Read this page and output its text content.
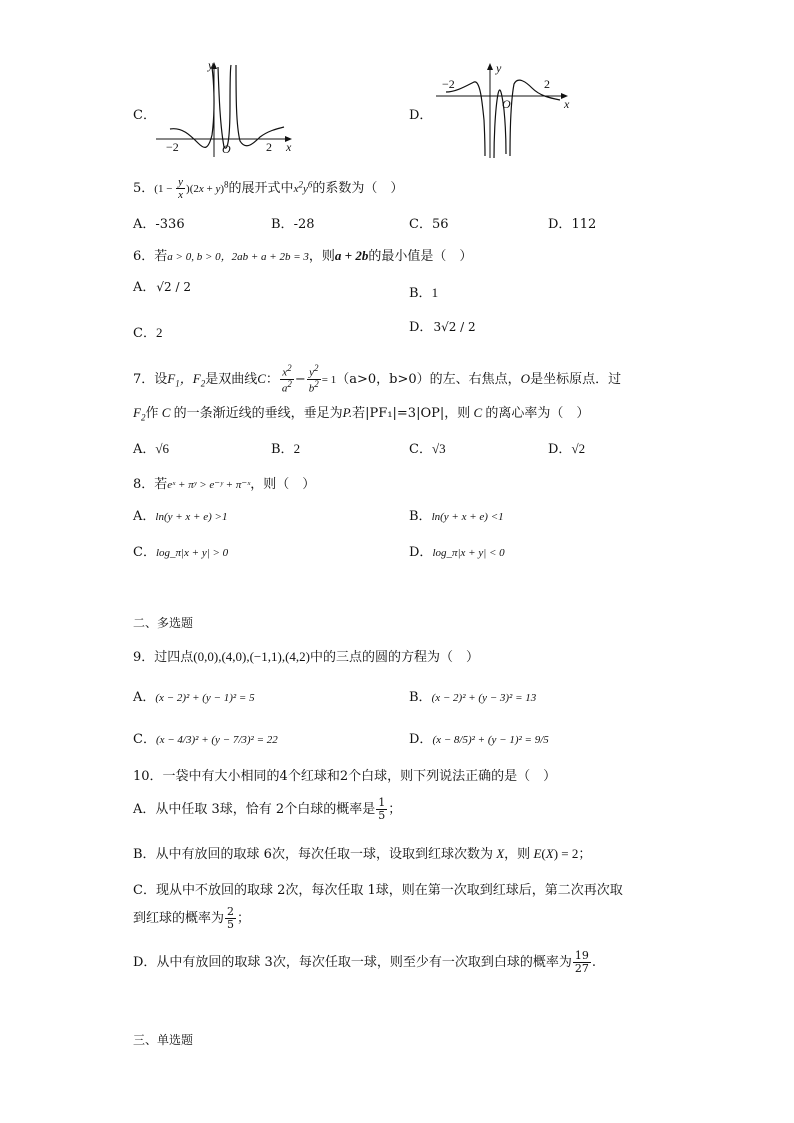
C．
y
x
O
−2	2
D．
y
x
O
−2	2
5．$(1 - \frac{y}{x} )(2x + y)^8$的展开式中$x^2y^6$的系数为（　）
A．-336	B．-28	C．56	D．112
6．若a > 0, b > 0，2ab + a + 2b = 3，则a + 2b的最小值是（　）
A．√2 / 2	B．1
C．2	D．3√2 / 2
7．设$F_1$，$F_2$是双曲线C： $\frac{x^2}{a^2} - \frac{y^2}{b^2} = 1(a>0$，b>0）的左、右焦点，O是坐标原点．过
$F_2$作 C 的一条渐近线的垂线，垂足为P.若|PF₁|=3|OP|，则 C 的离心率为（　）
A．√6	B．2	C．√3	D．√2
8．若eˣ + πʸ > e⁻ʸ + π⁻ˣ，则（　）
A．ln(y + x + e) >1	B．ln(y + x + e) <1
C．log_π|x + y| > 0	D．log_π|x + y| < 0
二、多选题
9．过四点(0,0),(4,0),(−1,1),(4,2)中的三点的圆的方程为（　）
A．(x − 2)² + (y − 1)² = 5	B．(x − 2)² + (y − 3)² = 13
C．(x − 4/3)² + (y − 7/3)² = 22	D．(x − 8/5)² + (y − 1)² = 9/5
10．一袋中有大小相同的4个红球和2个白球，则下列说法正确的是（　）
A．从中任取 3球，恰有 2个白球的概率是 $\frac{1}{5}$ ；
B．从中有放回的取球 6次，每次任取一球，设取到红球次数为 X，则 E(X) = 2；
C．现从中不放回的取球 2次，每次任取 1球，则在第一次取到红球后，第二次再次取
到红球的概率为 $\frac{2}{5}$ ；
D．从中有放回的取球 3次，每次任取一球，则至少有一次取到白球的概率为 $\frac{19}{27}$ .
三、单选题
